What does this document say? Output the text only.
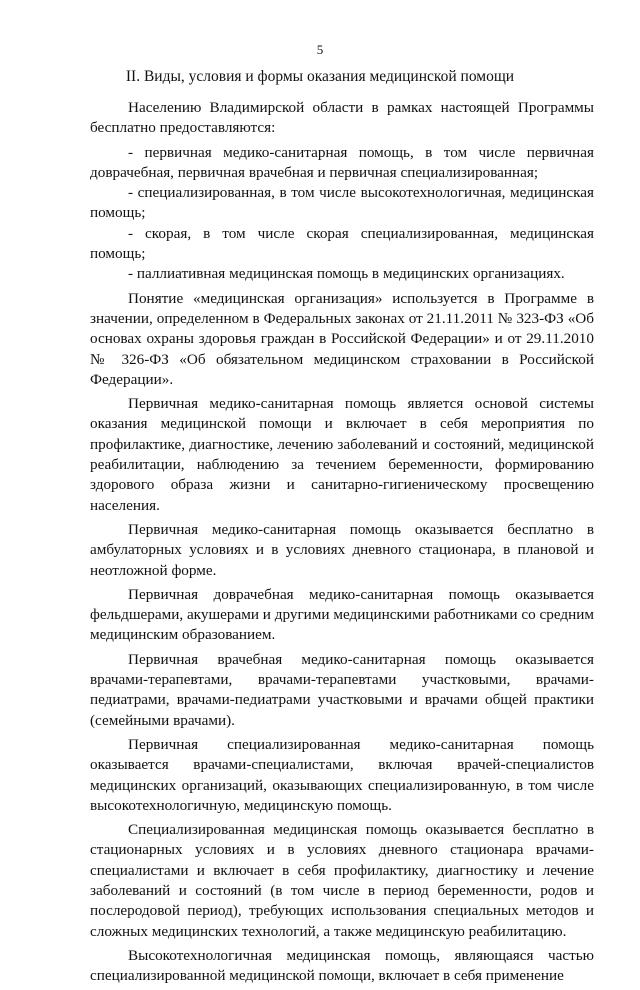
5
II. Виды, условия и формы оказания медицинской помощи

Населению Владимирской области в рамках настоящей Программы бесплатно предоставляются:

- первичная медико-санитарная помощь, в том числе первичная доврачебная, первичная врачебная и первичная специализированная;

- специализированная, в том числе высокотехнологичная, медицинская помощь;

- скорая, в том числе скорая специализированная, медицинская помощь;

- паллиативная медицинская помощь в медицинских организациях.

Понятие «медицинская организация» используется в Программе в значении, определенном в Федеральных законах от 21.11.2011 № 323-ФЗ «Об основах охраны здоровья граждан в Российской Федерации» и от 29.11.2010 № 326-ФЗ «Об обязательном медицинском страховании в Российской Федерации».

Первичная медико-санитарная помощь является основой системы оказания медицинской помощи и включает в себя мероприятия по профилактике, диагностике, лечению заболеваний и состояний, медицинской реабилитации, наблюдению за течением беременности, формированию здорового образа жизни и санитарно-гигиеническому просвещению населения.

Первичная медико-санитарная помощь оказывается бесплатно в амбулаторных условиях и в условиях дневного стационара, в плановой и неотложной форме.

Первичная доврачебная медико-санитарная помощь оказывается фельдшерами, акушерами и другими медицинскими работниками со средним медицинским образованием.

Первичная врачебная медико-санитарная помощь оказывается врачами-терапевтами, врачами-терапевтами участковыми, врачами-педиатрами, врачами-педиатрами участковыми и врачами общей практики (семейными врачами).

Первичная специализированная медико-санитарная помощь оказывается врачами-специалистами, включая врачей-специалистов медицинских организаций, оказывающих специализированную, в том числе высокотехнологичную, медицинскую помощь.

Специализированная медицинская помощь оказывается бесплатно в стационарных условиях и в условиях дневного стационара врачами-специалистами и включает в себя профилактику, диагностику и лечение заболеваний и состояний (в том числе в период беременности, родов и послеродовой период), требующих использования специальных методов и сложных медицинских технологий, а также медицинскую реабилитацию.

Высокотехнологичная медицинская помощь, являющаяся частью специализированной медицинской помощи, включает в себя применение
